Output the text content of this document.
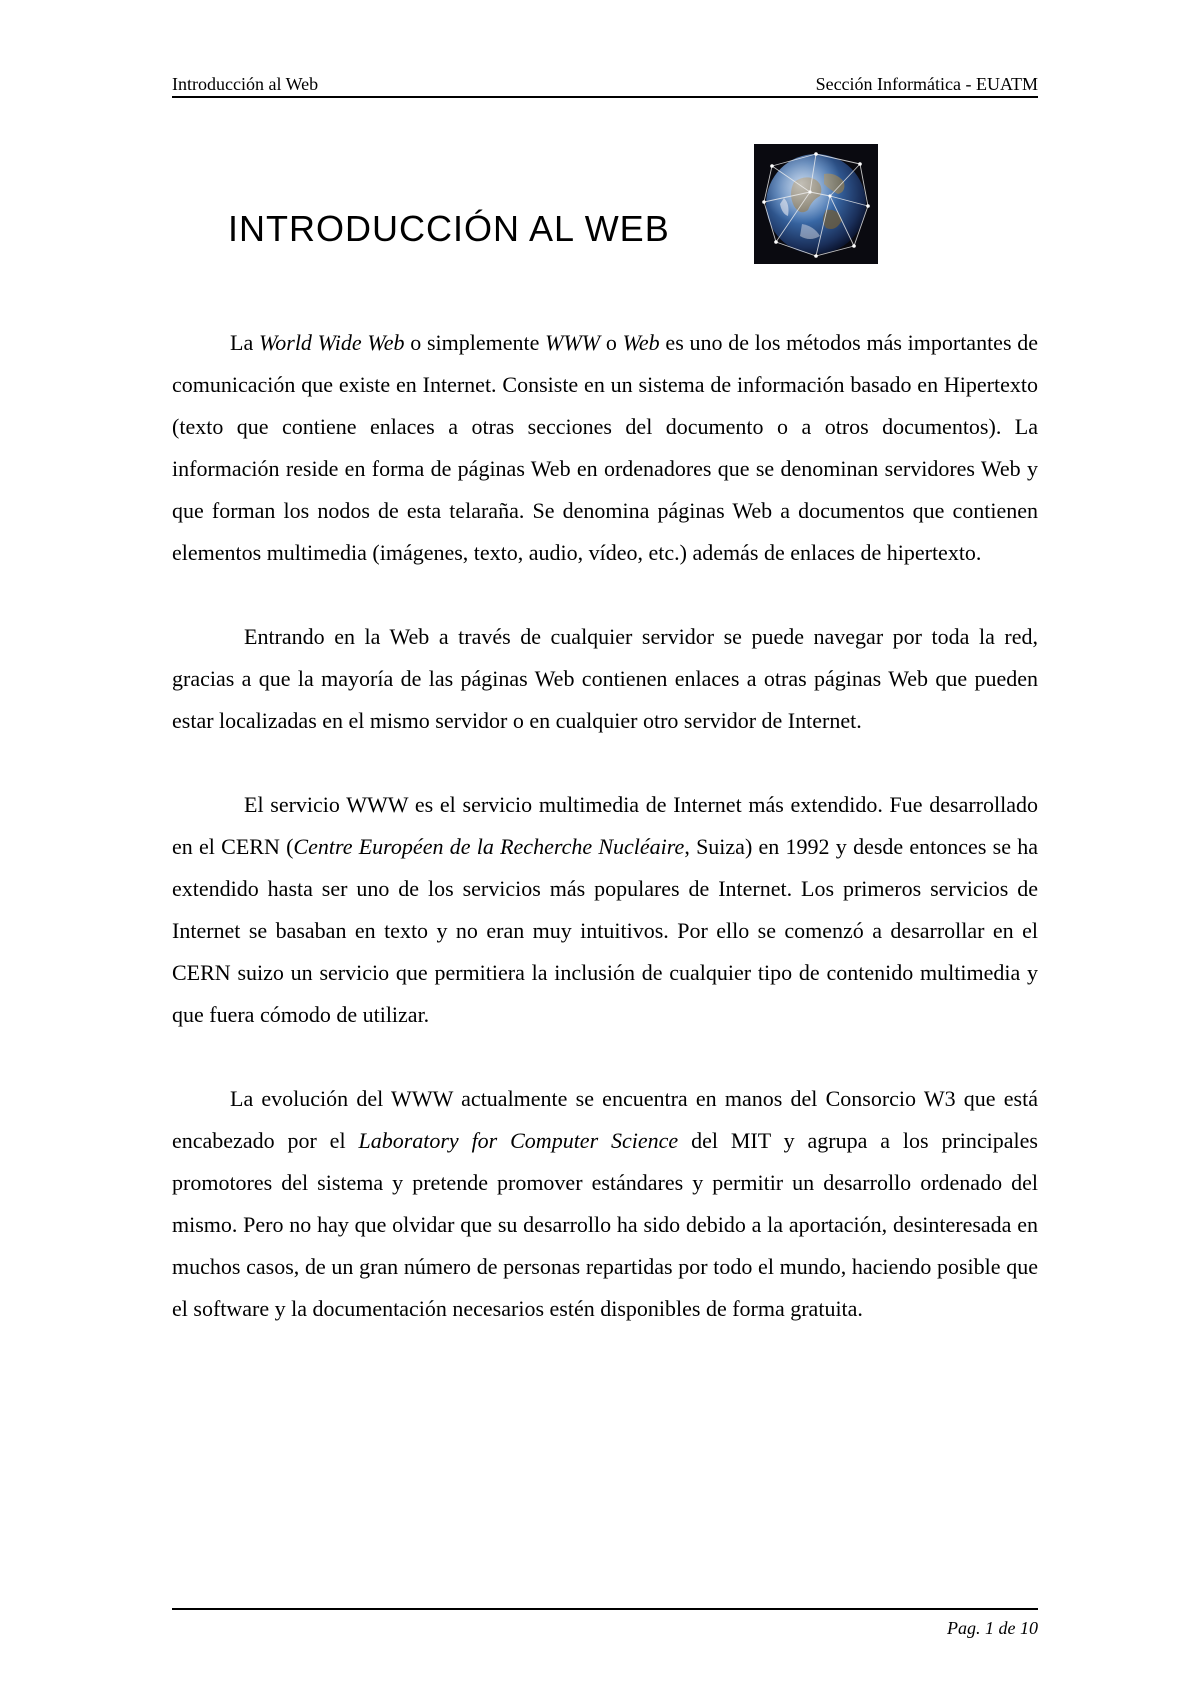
Introducción al Web	Sección Informática - EUATM
INTRODUCCIÓN AL WEB

La World Wide Web o simplemente WWW o Web es uno de los métodos más importantes de comunicación que existe en Internet. Consiste en un sistema de información basado en Hipertexto (texto que contiene enlaces a otras secciones del documento o a otros documentos). La información reside en forma de páginas Web en ordenadores que se denominan servidores Web y que forman los nodos de esta telaraña. Se denomina páginas Web a documentos que contienen elementos multimedia (imágenes, texto, audio, vídeo, etc.) además de enlaces de hipertexto.

Entrando en la Web a través de cualquier servidor se puede navegar por toda la red, gracias a que la mayoría de las páginas Web contienen enlaces a otras páginas Web que pueden estar localizadas en el mismo servidor o en cualquier otro servidor de Internet.

El servicio WWW es el servicio multimedia de Internet más extendido. Fue desarrollado en el CERN (Centre Européen de la Recherche Nucléaire, Suiza) en 1992 y desde entonces se ha extendido hasta ser uno de los servicios más populares de Internet. Los primeros servicios de Internet se basaban en texto y no eran muy intuitivos. Por ello se comenzó a desarrollar en el CERN suizo un servicio que permitiera la inclusión de cualquier tipo de contenido multimedia y que fuera cómodo de utilizar.

La evolución del WWW actualmente se encuentra en manos del Consorcio W3 que está encabezado por el Laboratory for Computer Science del MIT y agrupa a los principales promotores del sistema y pretende promover estándares y permitir un desarrollo ordenado del mismo. Pero no hay que olvidar que su desarrollo ha sido debido a la aportación, desinteresada en muchos casos, de un gran número de personas repartidas por todo el mundo, haciendo posible que el software y la documentación necesarios estén disponibles de forma gratuita.

Pag. 1 de 10
